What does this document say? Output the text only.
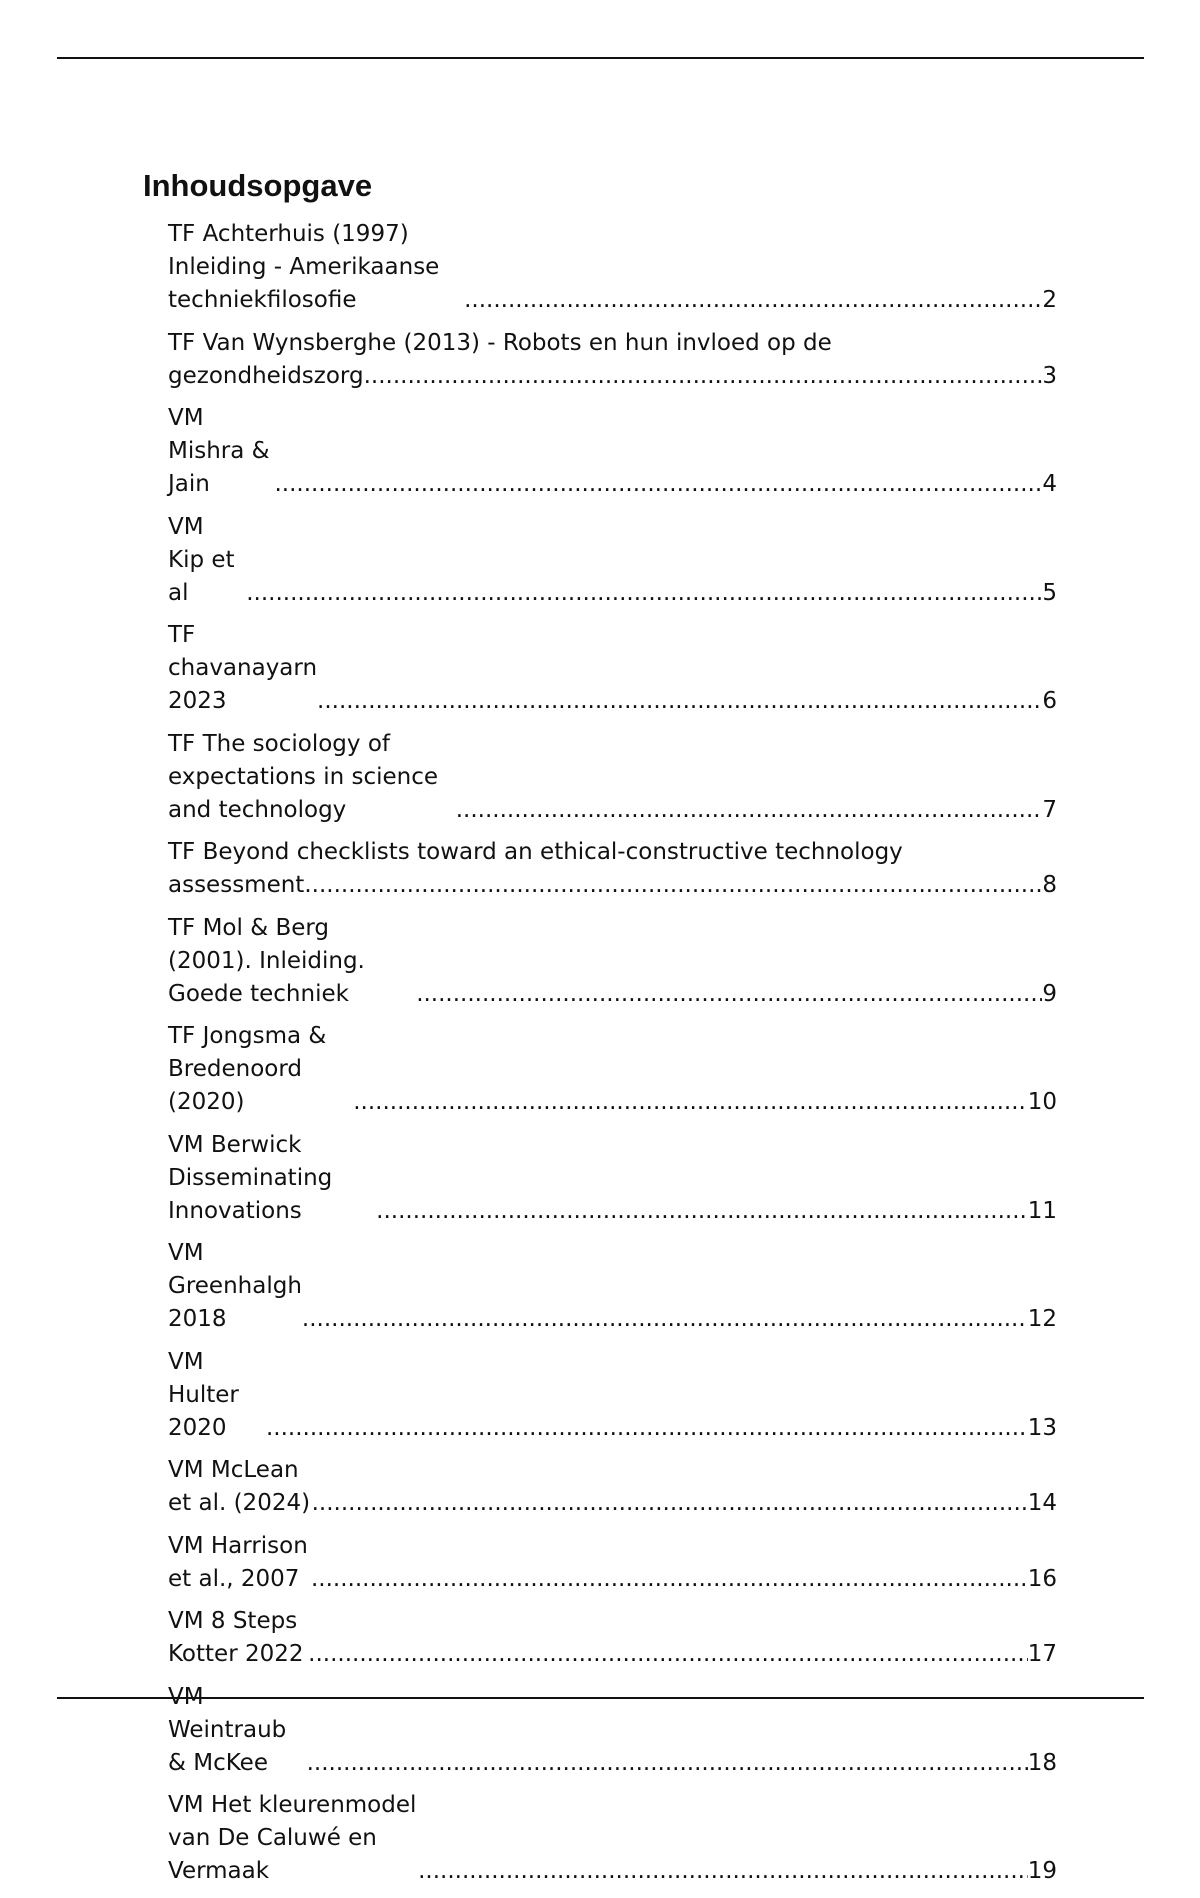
Inhoudsopgave
TF Achterhuis (1997) Inleiding - Amerikaanse techniekfilosofie .....	2
TF Van Wynsberghe (2013) - Robots en hun invloed op de
gezondheidszorg .....	3
VM Mishra & Jain .....	4
VM Kip et al .....	5
TF chavanayarn 2023 .....	6
TF The sociology of expectations in science and technology .....	7
TF Beyond checklists toward an ethical-constructive technology
assessment .....	8
TF Mol & Berg (2001). Inleiding. Goede techniek .....	9
TF Jongsma & Bredenoord (2020) .....	10
VM Berwick Disseminating Innovations .....	11
VM Greenhalgh 2018 .....	12
VM Hulter 2020 .....	13
VM McLean et al. (2024) .....	14
VM Harrison et al., 2007 .....	16
VM 8 Steps Kotter 2022 .....	17
VM Weintraub & McKee .....	18
VM Het kleurenmodel van De Caluwé en Vermaak .....	19
